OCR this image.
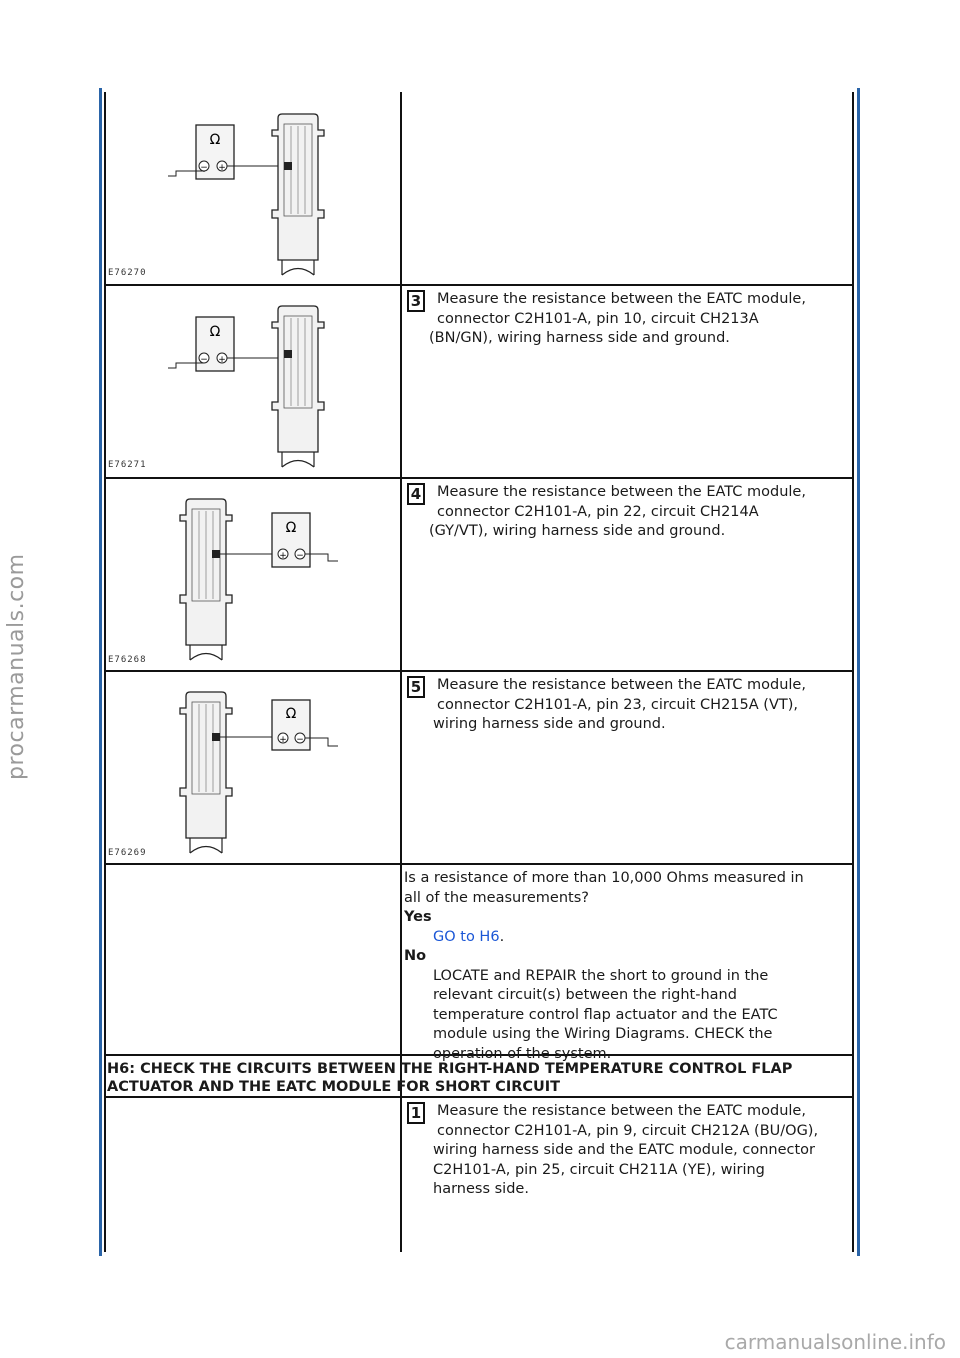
Ω
− +
E76270
Ω
− +
E76271
Ω
+ −
E76268
Ω
+ −
E76269
3 Measure the resistance between the EATC module,
connector C2H101-A, pin 10, circuit CH213A
(BN/GN), wiring harness side and ground.
4 Measure the resistance between the EATC module,
connector C2H101-A, pin 22, circuit CH214A
(GY/VT), wiring harness side and ground.
5 Measure the resistance between the EATC module,
connector C2H101-A, pin 23, circuit CH215A (VT),
wiring harness side and ground.
Is a resistance of more than 10,000 Ohms measured in
all of the measurements?
Yes
GO to H6.
No
LOCATE and REPAIR the short to ground in the
relevant circuit(s) between the right-hand
temperature control flap actuator and the EATC
module using the Wiring Diagrams. CHECK the
operation of the system.
H6: CHECK THE CIRCUITS BETWEEN THE RIGHT-HAND TEMPERATURE CONTROL FLAP
ACTUATOR AND THE EATC MODULE FOR SHORT CIRCUIT
1 Measure the resistance between the EATC module,
connector C2H101-A, pin 9, circuit CH212A (BU/OG),
wiring harness side and the EATC module, connector
C2H101-A, pin 25, circuit CH211A (YE), wiring
harness side.
procarmanuals.com
carmanualsonline.info
